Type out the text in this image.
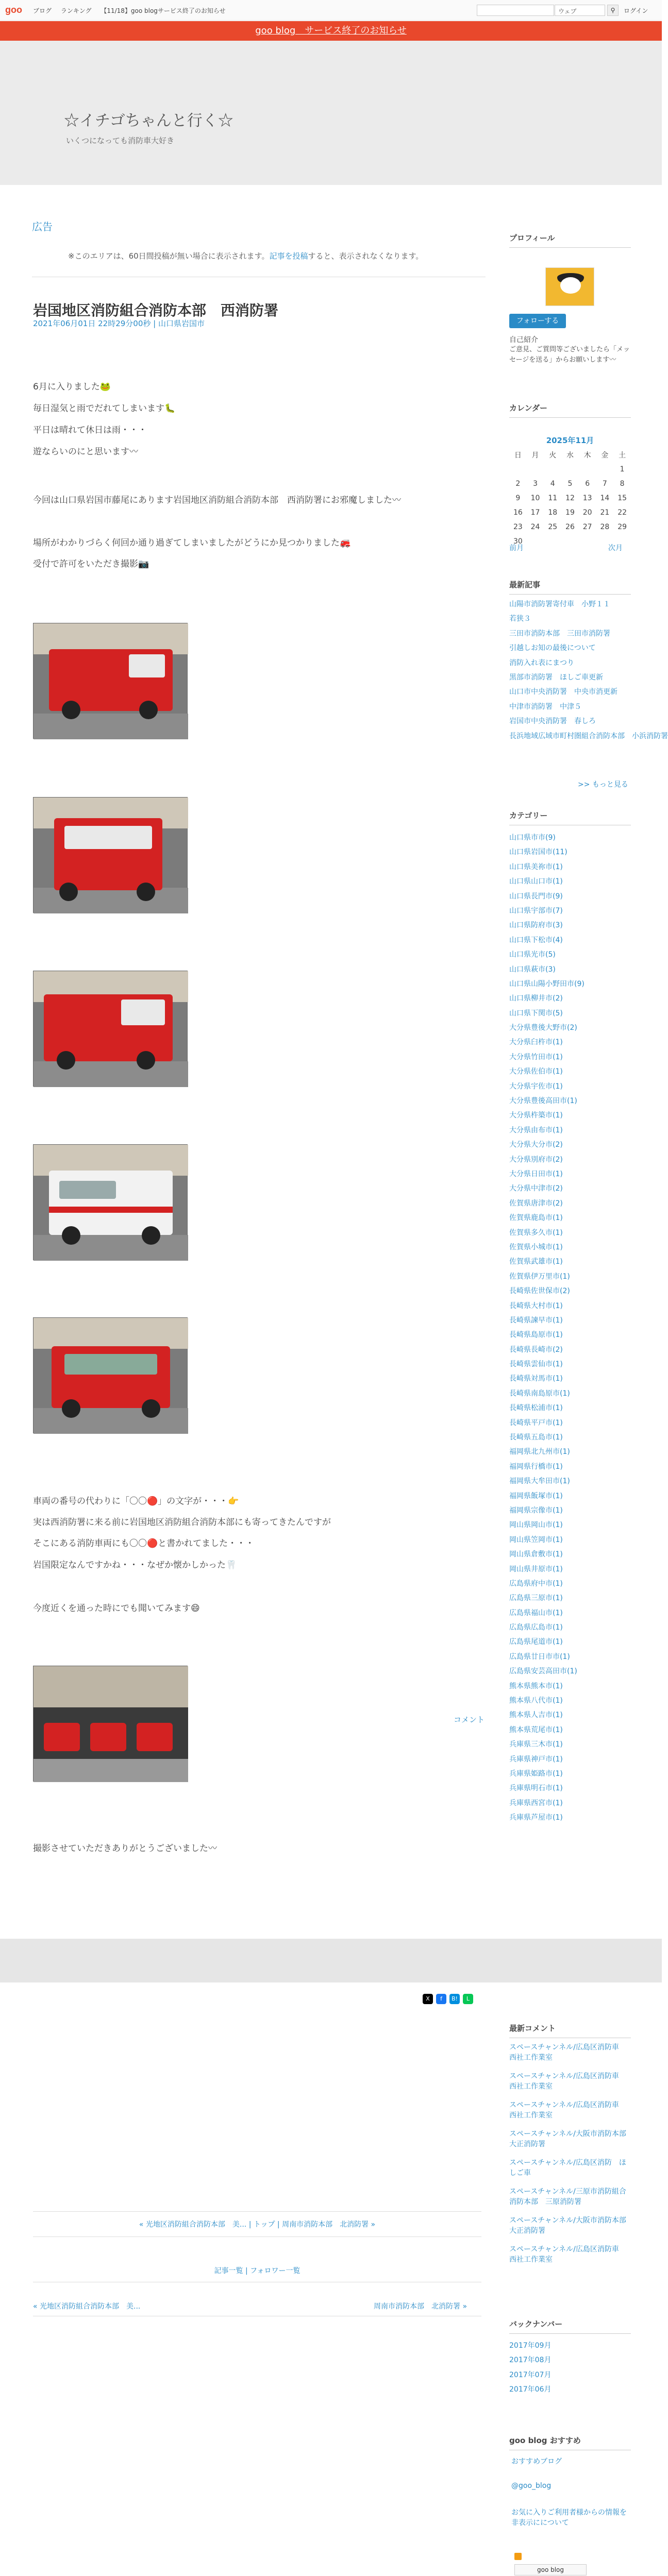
goo ブログ ランキング 【11/18】goo blogサービス終了のお知らせ	ウェブ	⚲	ログイン
goo blog　サービス終了のお知らせ
☆イチゴちゃんと行く☆
いくつになっても消防車大好き
広告
※このエリアは、60日間投稿が無い場合に表示されます。記事を投稿すると、表示されなくなります。
岩国地区消防組合消防本部　西消防署
2021年06月01日 22時29分00秒 | 山口県岩国市
6月に入りました🐸
毎日湿気と雨でだれてしまいます🐛
平日は晴れて休日は雨・・・
遊ならいのにと思います〰
今回は山口県岩国市藤尾にあります岩国地区消防組合消防本部　西消防署にお邪魔しました〰
場所がわかりづらく何回か通り過ぎてしまいましたがどうにか見つかりました🚒
受付で許可をいただき撮影📷
車両の番号の代わりに「〇〇🔴」の文字が・・・👉
実は西消防署に来る前に岩国地区消防組合消防本部にも寄ってきたんですが
そこにある消防車両にも〇〇🔴と書かれてました・・・
岩国限定なんですかね・・・なぜか懐かしかった🦷
今度近くを通った時にでも聞いてみます😄
撮影させていただきありがとうございました〰
コメント
X	f	B!	L
« 光地区消防組合消防本部　美... | トップ | 周南市消防本部　北消防署 »
記事一覧 | フォロワー一覧
« 光地区消防組合消防本部　美...	周南市消防本部　北消防署 »
プロフィール
フォローする
自己紹介
ご意見、ご質問等ございましたら「メッセージを送る」からお願いします〰
カレンダー
2025年11月
日	月	火	水	木	金	土
						1
2	3	4	5	6	7	8
9	10	11	12	13	14	15
16	17	18	19	20	21	22
23	24	25	26	27	28	29
30						
前月	次月
最新記事
山陽市消防署寄付車　小野１１
若狭３
三田市消防本部　三田市消防署
引越しお知の最後について
消防入れ表にまつり
黒部市消防署　ほしご車更新
山口市中央消防署　中央市消更新
中津市消防署　中津５
岩国市中央消防署　春しろ
長浜地域広域市町村圏組合消防本部　小浜消防署
>> もっと見る
カテゴリー
山口県市市(9)
山口県岩国市(11)
山口県美祢市(1)
山口県山口市(1)
山口県長門市(9)
山口県宇部市(7)
山口県防府市(3)
山口県下松市(4)
山口県光市(5)
山口県萩市(3)
山口県山陽小野田市(9)
山口県柳井市(2)
山口県下関市(5)
大分県豊後大野市(2)
大分県臼杵市(1)
大分県竹田市(1)
大分県佐伯市(1)
大分県宇佐市(1)
大分県豊後高田市(1)
大分県杵築市(1)
大分県由布市(1)
大分県大分市(2)
大分県別府市(2)
大分県日田市(1)
大分県中津市(2)
佐賀県唐津市(2)
佐賀県鹿島市(1)
佐賀県多久市(1)
佐賀県小城市(1)
佐賀県武雄市(1)
佐賀県伊万里市(1)
長崎県佐世保市(2)
長崎県大村市(1)
長崎県諫早市(1)
長崎県島原市(1)
長崎県長崎市(2)
長崎県雲仙市(1)
長崎県対馬市(1)
長崎県南島原市(1)
長崎県松浦市(1)
長崎県平戸市(1)
長崎県五島市(1)
福岡県北九州市(1)
福岡県行橋市(1)
福岡県大牟田市(1)
福岡県飯塚市(1)
福岡県宗像市(1)
岡山県岡山市(1)
岡山県笠岡市(1)
岡山県倉敷市(1)
岡山県井原市(1)
広島県府中市(1)
広島県三原市(1)
広島県福山市(1)
広島県広島市(1)
広島県尾道市(1)
広島県廿日市市(1)
広島県安芸高田市(1)
熊本県熊本市(1)
熊本県八代市(1)
熊本県人吉市(1)
熊本県荒尾市(1)
兵庫県三木市(1)
兵庫県神戸市(1)
兵庫県姫路市(1)
兵庫県明石市(1)
兵庫県西宮市(1)
兵庫県芦屋市(1)
最新コメント
スペースチャンネル/広島区消防車　西社工作業室
スペースチャンネル/広島区消防車　西社工作業室
スペースチャンネル/広島区消防車　西社工作業室
スペースチャンネル/大阪市消防本部　大正消防署
スペースチャンネル/広島区消防　ほしご車
スペースチャンネル/三原市消防組合消防本部　三原消防署
スペースチャンネル/大阪市消防本部　大正消防署
スペースチャンネル/広島区消防車　西社工作業室
バックナンバー
2017年09月
2017年08月
2017年07月
2017年06月
goo blog おすすめ
おすすめブログ
@goo_blog
お気に入りご利用者様からの情報を非表示にについて
goo blog
